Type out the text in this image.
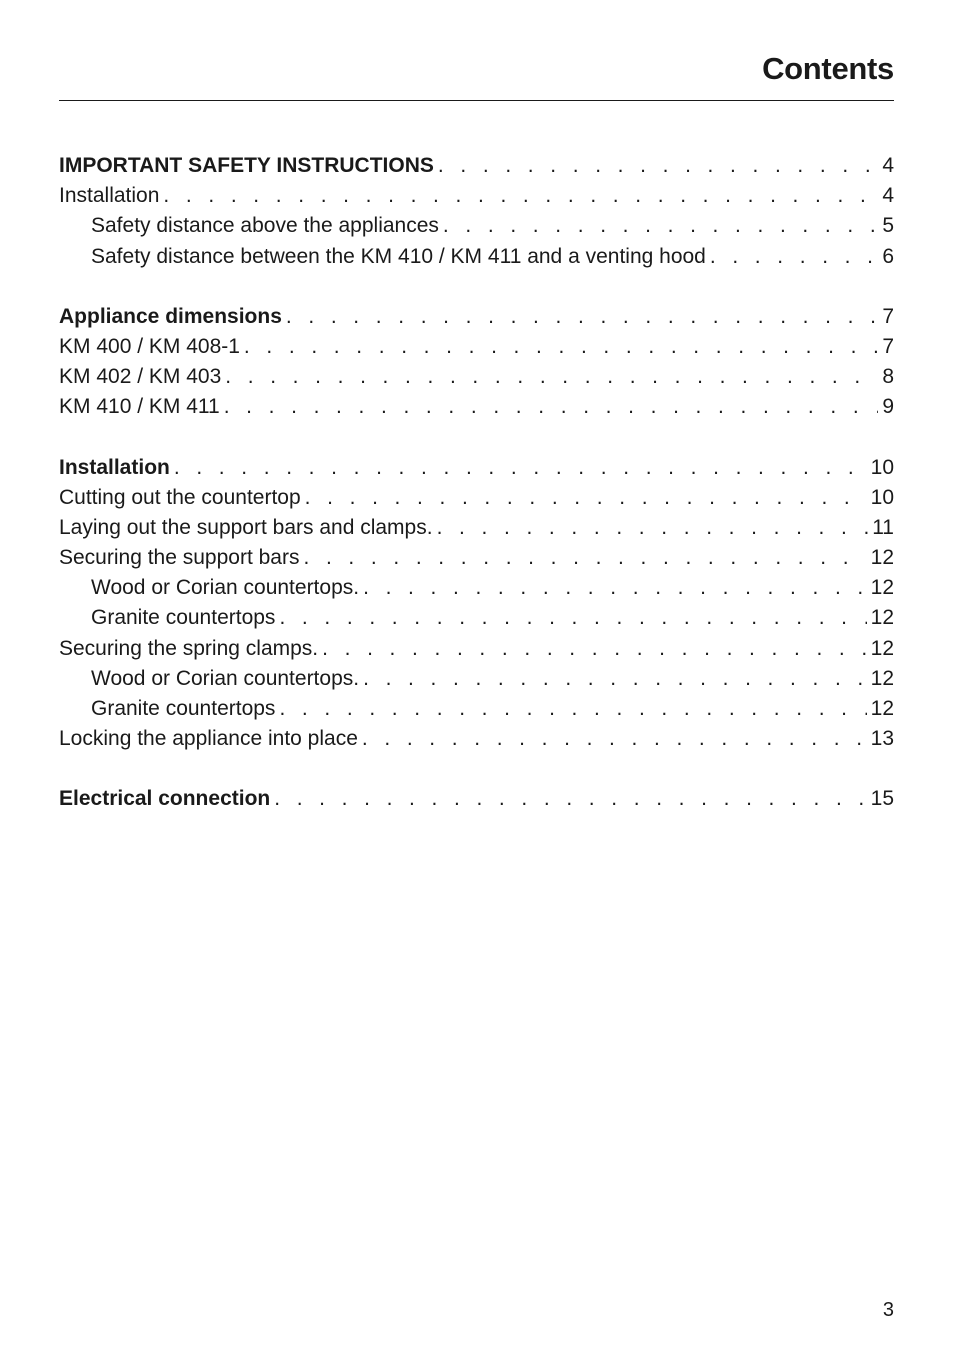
Contents
IMPORTANT SAFETY INSTRUCTIONS . . .	4
Installation . . .	4
Safety distance above the appliances . . .	5
Safety distance between the KM 410 / KM 411 and a venting hood . . .	6
Appliance dimensions . . .	7
KM 400 / KM 408-1 . . .	7
KM 402 / KM 403 . . .	8
KM 410 / KM 411 . . .	9
Installation . . .	10
Cutting out the countertop . . .	10
Laying out the support bars and clamps. . . .	11
Securing the support bars . . .	12
Wood or Corian countertops. . . .	12
Granite countertops . . .	12
Securing the spring clamps. . . .	12
Wood or Corian countertops. . . .	12
Granite countertops . . .	12
Locking the appliance into place . . .	13
Electrical connection . . .	15
3
